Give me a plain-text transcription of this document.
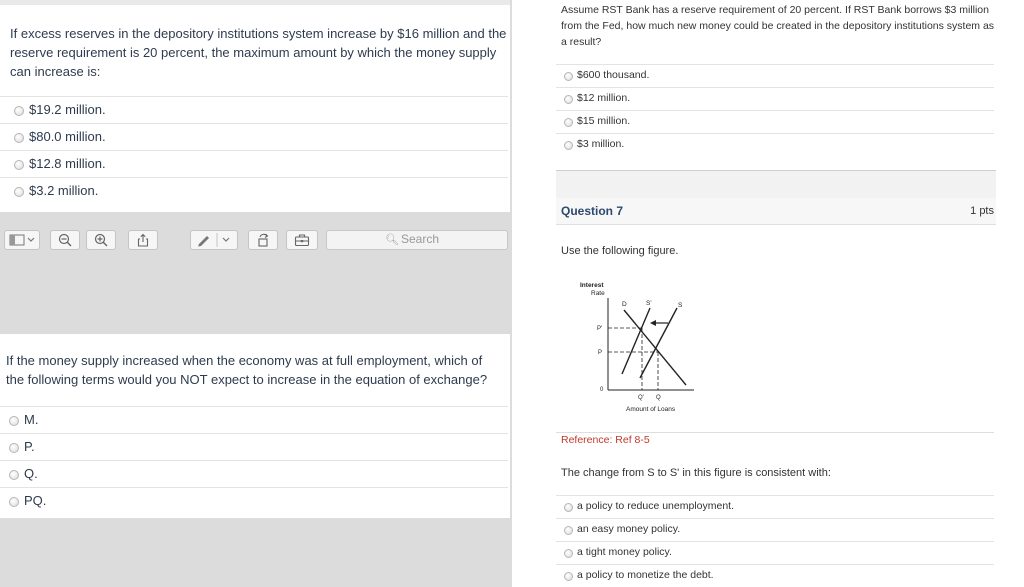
If excess reserves in the depository institutions system increase by $16 million and the reserve requirement is 20 percent, the maximum amount by which the money supply can increase is:

$19.2 million.
$80.0 million.
$12.8 million.
$3.2 million.
🔍︎
Search

If the money supply increased when the economy was at full employment, which of the following terms would you NOT expect to increase in the equation of exchange?

M.
P.
Q.
PQ.

Assume RST Bank has a reserve requirement of 20 percent. If RST Bank borrows $3 million from the Fed, how much new money could be created in the depository institutions system as a result?

$600 thousand.
$12 million.
$15 million.
$3 million.
Question 7	1 pts
Use the following figure.
Reference: Ref 8-5
The change from S to S' in this figure is consistent with:
a policy to reduce unemployment.
an easy money policy.
a tight money policy.
a policy to monetize the debt.
Interest
Rate
D	S'	S
P'
P
0
Q' Q
Amount of Loans
